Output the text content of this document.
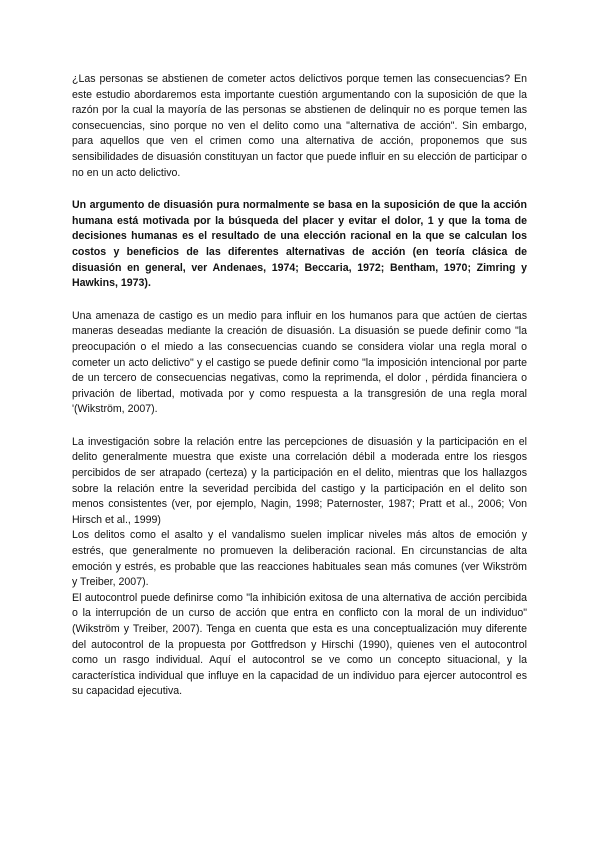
¿Las personas se abstienen de cometer actos delictivos porque temen las consecuencias? En este estudio abordaremos esta importante cuestión argumentando con la suposición de que la razón por la cual la mayoría de las personas se abstienen de delinquir no es porque temen las consecuencias, sino porque no ven el delito como una "alternativa de acción". Sin embargo, para aquellos que ven el crimen como una alternativa de acción, proponemos que sus sensibilidades de disuasión constituyan un factor que puede influir en su elección de participar o no en un acto delictivo.

Un argumento de disuasión pura normalmente se basa en la suposición de que la acción humana está motivada por la búsqueda del placer y evitar el dolor, 1 y que la toma de decisiones humanas es el resultado de una elección racional en la que se calculan los costos y beneficios de las diferentes alternativas de acción (en teoría clásica de disuasión en general, ver Andenaes, 1974; Beccaria, 1972; Bentham, 1970; Zimring y Hawkins, 1973).

Una amenaza de castigo es un medio para influir en los humanos para que actúen de ciertas maneras deseadas mediante la creación de disuasión. La disuasión se puede definir como "la preocupación o el miedo a las consecuencias cuando se considera violar una regla moral o cometer un acto delictivo" y el castigo se puede definir como "la imposición intencional por parte de un tercero de consecuencias negativas, como la reprimenda, el dolor , pérdida financiera o privación de libertad, motivada por y como respuesta a la transgresión de una regla moral '(Wikström, 2007).

La investigación sobre la relación entre las percepciones de disuasión y la participación en el delito generalmente muestra que existe una correlación débil a moderada entre los riesgos percibidos de ser atrapado (certeza) y la participación en el delito, mientras que los hallazgos sobre la relación entre la severidad percibida del castigo y la participación en el delito son menos consistentes (ver, por ejemplo, Nagin, 1998; Paternoster, 1987; Pratt et al., 2006; Von Hirsch et al., 1999)

Los delitos como el asalto y el vandalismo suelen implicar niveles más altos de emoción y estrés, que generalmente no promueven la deliberación racional. En circunstancias de alta emoción y estrés, es probable que las reacciones habituales sean más comunes (ver Wikström y Treiber, 2007).

El autocontrol puede definirse como "la inhibición exitosa de una alternativa de acción percibida o la interrupción de un curso de acción que entra en conflicto con la moral de un individuo" (Wikström y Treiber, 2007). Tenga en cuenta que esta es una conceptualización muy diferente del autocontrol de la propuesta por Gottfredson y Hirschi (1990), quienes ven el autocontrol como un rasgo individual. Aquí el autocontrol se ve como un concepto situacional, y la característica individual que influye en la capacidad de un individuo para ejercer autocontrol es su capacidad ejecutiva.
